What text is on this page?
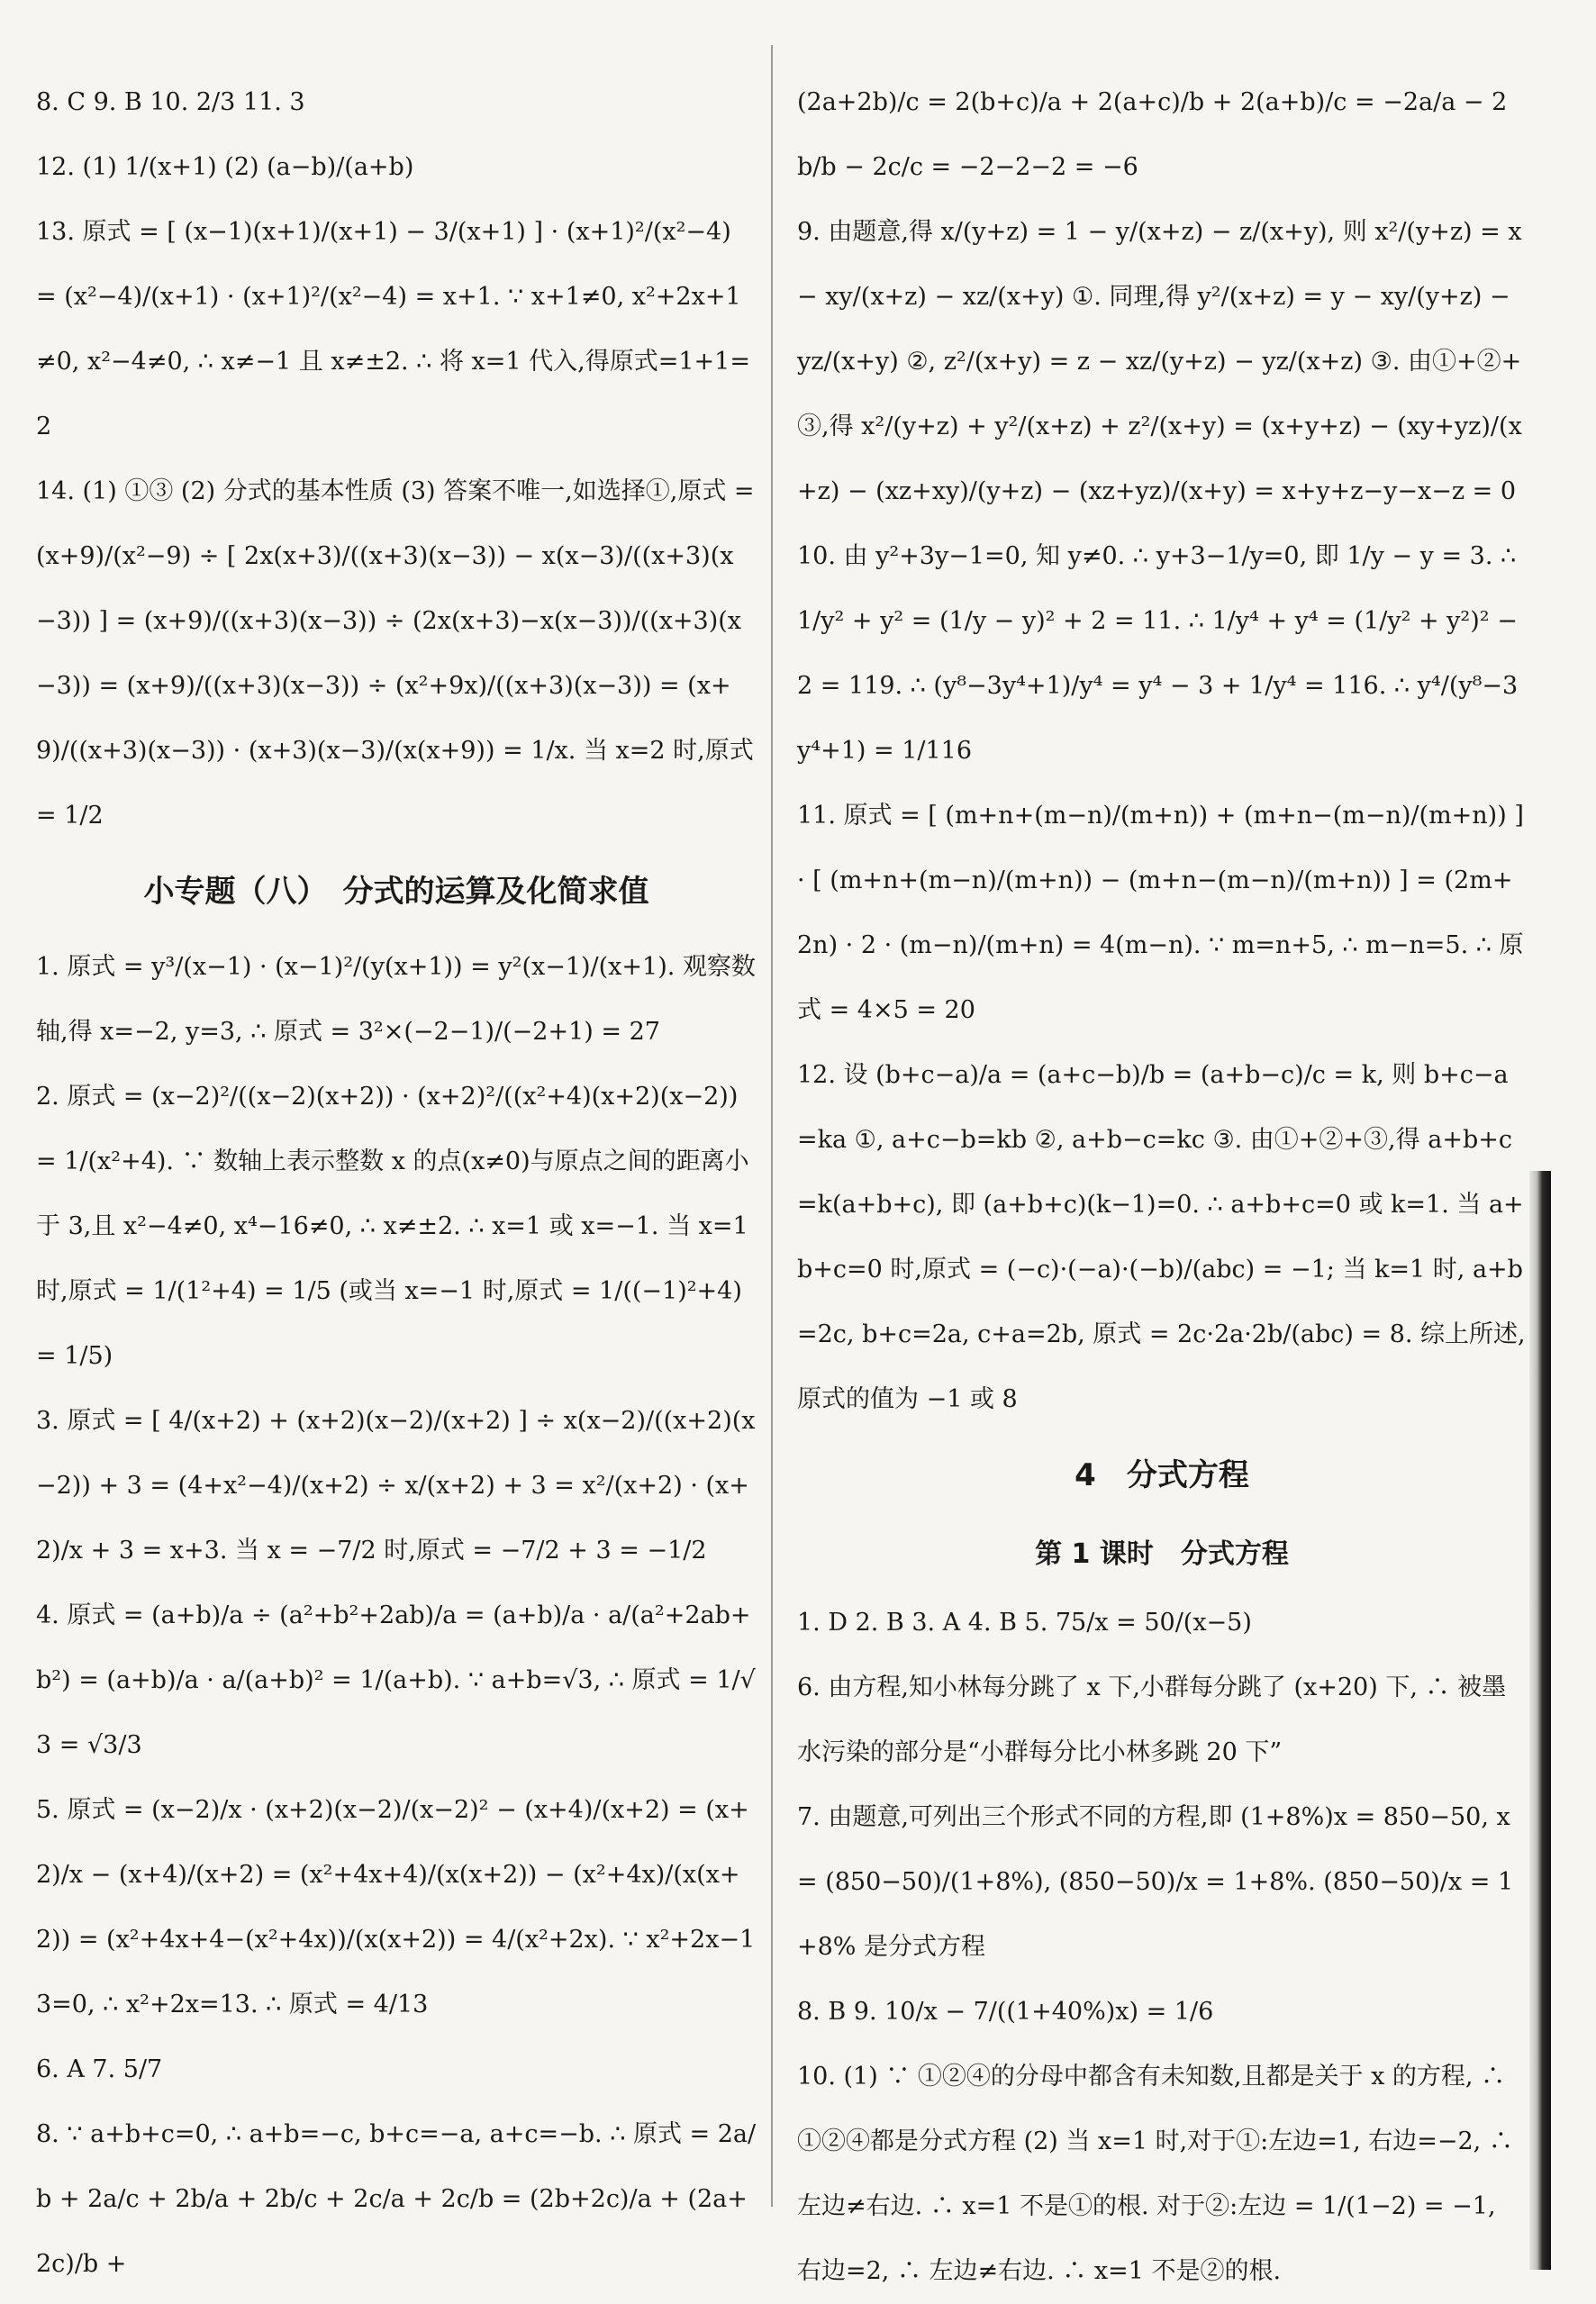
8. C 9. B 10. 2/3 11. 3

12. (1) 1/(x+1) (2) (a−b)/(a+b)

13. 原式 = [ (x−1)(x+1)/(x+1) − 3/(x+1) ] · (x+1)²/(x²−4) = (x²−4)/(x+1) · (x+1)²/(x²−4) = x+1. ∵ x+1≠0, x²+2x+1≠0, x²−4≠0, ∴ x≠−1 且 x≠±2. ∴ 将 x=1 代入,得原式=1+1=2

14. (1) ①③ (2) 分式的基本性质 (3) 答案不唯一,如选择①,原式 = (x+9)/(x²−9) ÷ [ 2x(x+3)/((x+3)(x−3)) − x(x−3)/((x+3)(x−3)) ] = (x+9)/((x+3)(x−3)) ÷ (2x(x+3)−x(x−3))/((x+3)(x−3)) = (x+9)/((x+3)(x−3)) ÷ (x²+9x)/((x+3)(x−3)) = (x+9)/((x+3)(x−3)) · (x+3)(x−3)/(x(x+9)) = 1/x. 当 x=2 时,原式 = 1/2

小专题（八）　分式的运算及化简求值

1. 原式 = y³/(x−1) · (x−1)²/(y(x+1)) = y²(x−1)/(x+1). 观察数轴,得 x=−2, y=3, ∴ 原式 = 3²×(−2−1)/(−2+1) = 27

2. 原式 = (x−2)²/((x−2)(x+2)) · (x+2)²/((x²+4)(x+2)(x−2)) = 1/(x²+4). ∵ 数轴上表示整数 x 的点(x≠0)与原点之间的距离小于 3,且 x²−4≠0, x⁴−16≠0, ∴ x≠±2. ∴ x=1 或 x=−1. 当 x=1 时,原式 = 1/(1²+4) = 1/5 (或当 x=−1 时,原式 = 1/((−1)²+4) = 1/5)

3. 原式 = [ 4/(x+2) + (x+2)(x−2)/(x+2) ] ÷ x(x−2)/((x+2)(x−2)) + 3 = (4+x²−4)/(x+2) ÷ x/(x+2) + 3 = x²/(x+2) · (x+2)/x + 3 = x+3. 当 x = −7/2 时,原式 = −7/2 + 3 = −1/2

4. 原式 = (a+b)/a ÷ (a²+b²+2ab)/a = (a+b)/a · a/(a²+2ab+b²) = (a+b)/a · a/(a+b)² = 1/(a+b). ∵ a+b=√3, ∴ 原式 = 1/√3 = √3/3

5. 原式 = (x−2)/x · (x+2)(x−2)/(x−2)² − (x+4)/(x+2) = (x+2)/x − (x+4)/(x+2) = (x²+4x+4)/(x(x+2)) − (x²+4x)/(x(x+2)) = (x²+4x+4−(x²+4x))/(x(x+2)) = 4/(x²+2x). ∵ x²+2x−13=0, ∴ x²+2x=13. ∴ 原式 = 4/13

6. A 7. 5/7

8. ∵ a+b+c=0, ∴ a+b=−c, b+c=−a, a+c=−b. ∴ 原式 = 2a/b + 2a/c + 2b/a + 2b/c + 2c/a + 2c/b = (2b+2c)/a + (2a+2c)/b +

(2a+2b)/c = 2(b+c)/a + 2(a+c)/b + 2(a+b)/c = −2a/a − 2b/b − 2c/c = −2−2−2 = −6

9. 由题意,得 x/(y+z) = 1 − y/(x+z) − z/(x+y), 则 x²/(y+z) = x − xy/(x+z) − xz/(x+y) ①. 同理,得 y²/(x+z) = y − xy/(y+z) − yz/(x+y) ②, z²/(x+y) = z − xz/(y+z) − yz/(x+z) ③. 由①+②+③,得 x²/(y+z) + y²/(x+z) + z²/(x+y) = (x+y+z) − (xy+yz)/(x+z) − (xz+xy)/(y+z) − (xz+yz)/(x+y) = x+y+z−y−x−z = 0

10. 由 y²+3y−1=0, 知 y≠0. ∴ y+3−1/y=0, 即 1/y − y = 3. ∴ 1/y² + y² = (1/y − y)² + 2 = 11. ∴ 1/y⁴ + y⁴ = (1/y² + y²)² − 2 = 119. ∴ (y⁸−3y⁴+1)/y⁴ = y⁴ − 3 + 1/y⁴ = 116. ∴ y⁴/(y⁸−3y⁴+1) = 1/116

11. 原式 = [ (m+n+(m−n)/(m+n)) + (m+n−(m−n)/(m+n)) ] · [ (m+n+(m−n)/(m+n)) − (m+n−(m−n)/(m+n)) ] = (2m+2n) · 2 · (m−n)/(m+n) = 4(m−n). ∵ m=n+5, ∴ m−n=5. ∴ 原式 = 4×5 = 20

12. 设 (b+c−a)/a = (a+c−b)/b = (a+b−c)/c = k, 则 b+c−a=ka ①, a+c−b=kb ②, a+b−c=kc ③. 由①+②+③,得 a+b+c=k(a+b+c), 即 (a+b+c)(k−1)=0. ∴ a+b+c=0 或 k=1. 当 a+b+c=0 时,原式 = (−c)·(−a)·(−b)/(abc) = −1; 当 k=1 时, a+b=2c, b+c=2a, c+a=2b, 原式 = 2c·2a·2b/(abc) = 8. 综上所述,原式的值为 −1 或 8

4　分式方程
第 1 课时　分式方程

1. D 2. B 3. A 4. B 5. 75/x = 50/(x−5)

6. 由方程,知小林每分跳了 x 下,小群每分跳了 (x+20) 下, ∴ 被墨水污染的部分是“小群每分比小林多跳 20 下”

7. 由题意,可列出三个形式不同的方程,即 (1+8%)x = 850−50, x = (850−50)/(1+8%), (850−50)/x = 1+8%. (850−50)/x = 1+8% 是分式方程

8. B 9. 10/x − 7/((1+40%)x) = 1/6

10. (1) ∵ ①②④的分母中都含有未知数,且都是关于 x 的方程, ∴ ①②④都是分式方程 (2) 当 x=1 时,对于①:左边=1, 右边=−2, ∴ 左边≠右边. ∴ x=1 不是①的根. 对于②:左边 = 1/(1−2) = −1, 右边=2, ∴ 左边≠右边. ∴ x=1 不是②的根.
